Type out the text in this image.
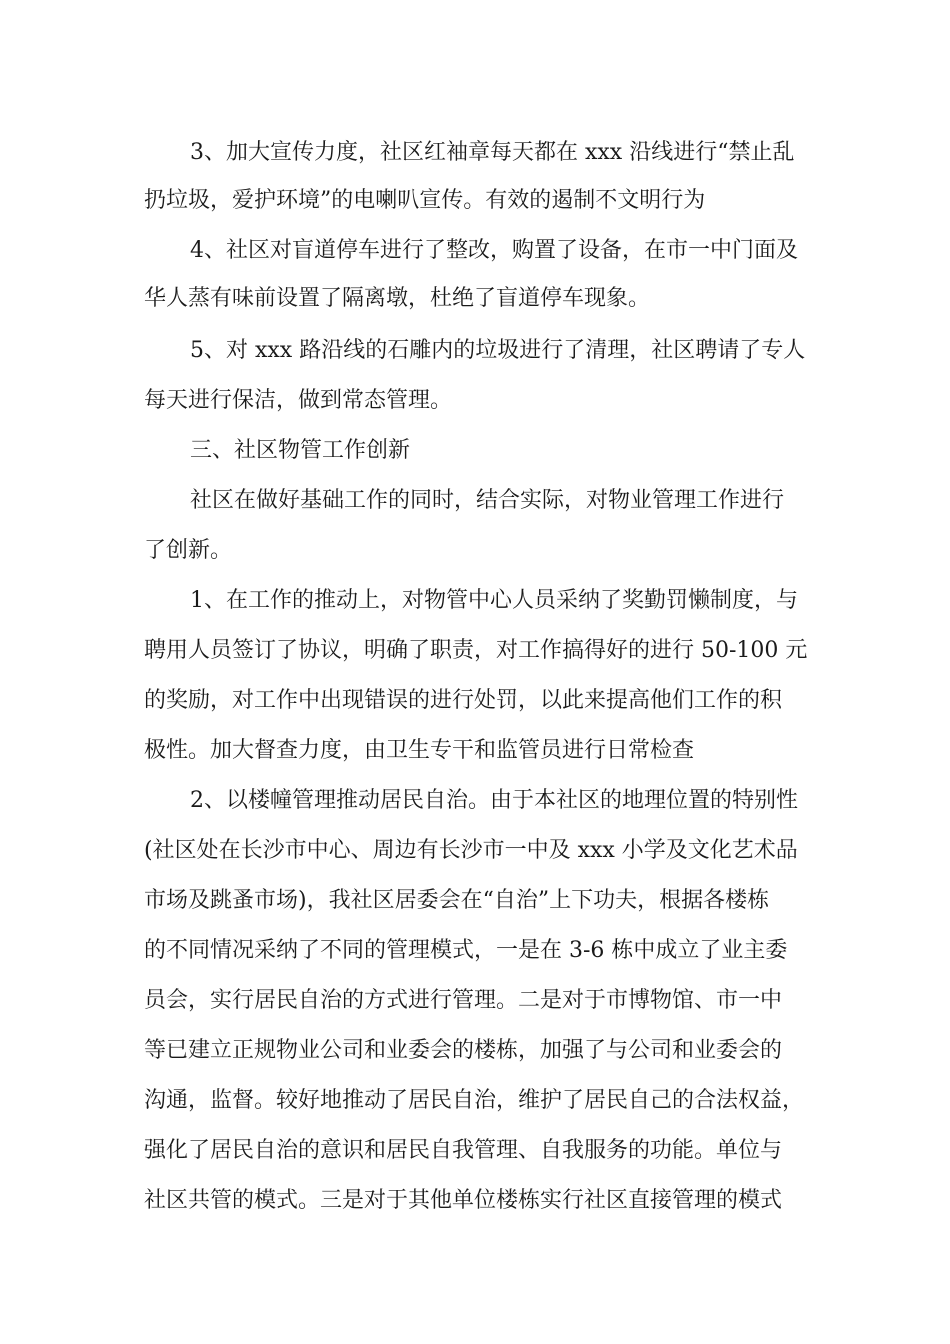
3、加大宣传力度，社区红袖章每天都在 xxx 沿线进行“禁止乱
扔垃圾，爱护环境”的电喇叭宣传。有效的遏制不文明行为
4、社区对盲道停车进行了整改，购置了设备，在市一中门面及
华人蒸有味前设置了隔离墩，杜绝了盲道停车现象。
5、对 xxx 路沿线的石雕内的垃圾进行了清理，社区聘请了专人
每天进行保洁，做到常态管理。
三、社区物管工作创新
社区在做好基础工作的同时，结合实际，对物业管理工作进行
了创新。
1、在工作的推动上，对物管中心人员采纳了奖勤罚懒制度，与
聘用人员签订了协议，明确了职责，对工作搞得好的进行 50-100 元
的奖励，对工作中出现错误的进行处罚，以此来提高他们工作的积
极性。加大督查力度，由卫生专干和监管员进行日常检查
2、以楼幢管理推动居民自治。由于本社区的地理位置的特别性
(社区处在长沙市中心、周边有长沙市一中及 xxx 小学及文化艺术品
市场及跳蚤市场)，我社区居委会在“自治”上下功夫，根据各楼栋
的不同情况采纳了不同的管理模式，一是在 3-6 栋中成立了业主委
员会，实行居民自治的方式进行管理。二是对于市博物馆、市一中
等已建立正规物业公司和业委会的楼栋，加强了与公司和业委会的
沟通，监督。较好地推动了居民自治，维护了居民自己的合法权益，
强化了居民自治的意识和居民自我管理、自我服务的功能。单位与
社区共管的模式。三是对于其他单位楼栋实行社区直接管理的模式
